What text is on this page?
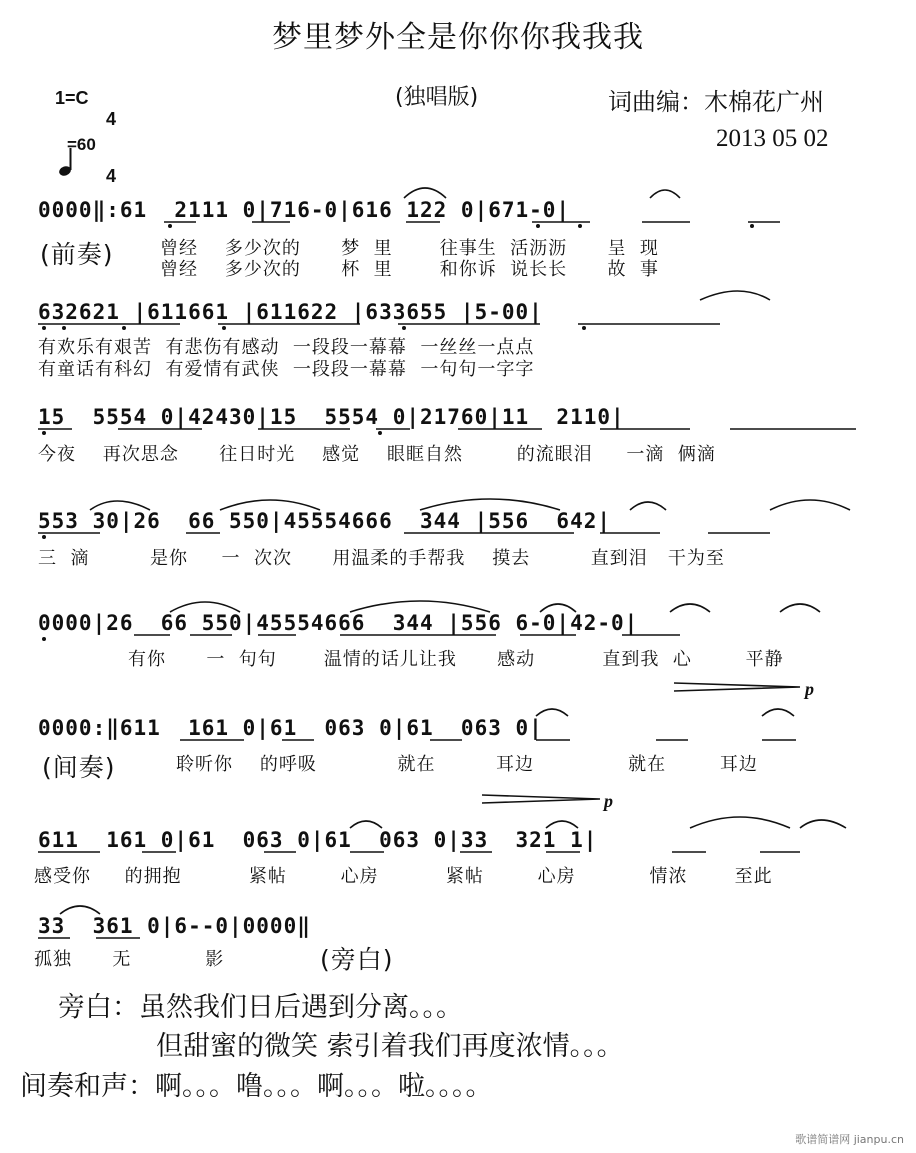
梦里梦外全是你你你我我我
1=C

4

4

=60
(独唱版)	词曲编：木棉花广州
2013 05 02
0000‖:61  2111 0|716-0|616 122 0|671-0|
(前奏)	曾经    多少次的      梦  里       往事生  活沥沥      呈  现
曾经    多少次的      杯  里       和你诉  说长长      故  事
632621 |611661 |611622 |633655 |5-00|
有欢乐有艰苦  有悲伤有感动  一段段一幕幕  一丝丝一点点
有童话有科幻  有爱情有武侠  一段段一幕幕  一句句一字字
15  5554 0|42430|15  5554 0|21760|11  2110|
今夜    再次思念      往日时光    感觉    眼眶自然        的流眼泪     一滴  俩滴
553 30|26  66 550|45554666  344 |556  642|
三  滴         是你     一  次次      用温柔的手帮我    摸去         直到泪   干为至
0000|26  66 550|45554666  344 |556 6-0|42-0|
有你      一  句句       温情的话儿让我      感动          直到我  心        平静
p
0000:‖611  161 0|61  063 0|61  063 0|
(间奏)	聆听你    的呼吸            就在         耳边              就在        耳边
p
611  161 0|61  063 0|61  063 0|33  321 1|
感受你     的拥抱          紧帖        心房          紧帖        心房           情浓       至此
33  361 0|6--0|0000‖
孤独      无           影	(旁白)
旁白：虽然我们日后遇到分离。。。
但甜蜜的微笑 索引着我们再度浓情。。。
间奏和声：啊。。。噜。。。啊。。。啦。。。。
歌谱简谱网 jianpu.cn
